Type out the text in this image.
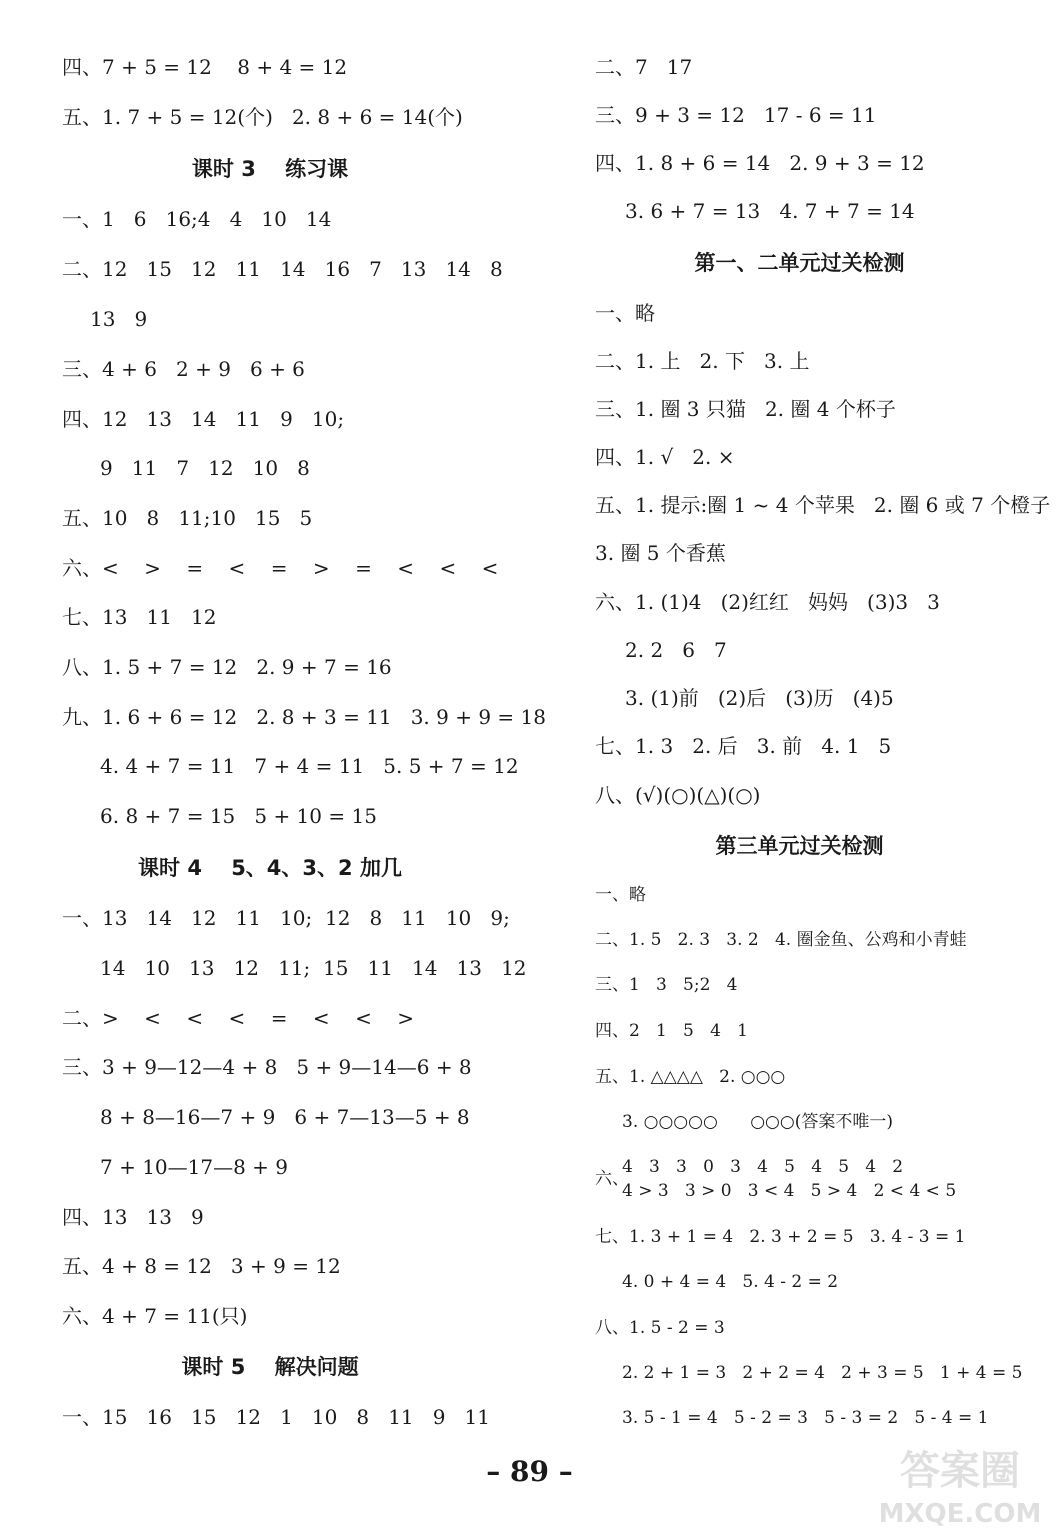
四、7 + 5 = 12    8 + 4 = 12
五、1. 7 + 5 = 12(个)   2. 8 + 6 = 14(个)
课时 3    练习课
一、1   6   16;4   4   10   14
二、12   15   12   11   14   16   7   13   14   8
13   9
三、4 + 6   2 + 9   6 + 6
四、12   13   14   11   9   10;
9   11   7   12   10   8
五、10   8   11;10   15   5
六、<    >    =    <    =    >    =    <    <    <
七、13   11   12
八、1. 5 + 7 = 12   2. 9 + 7 = 16
九、1. 6 + 6 = 12   2. 8 + 3 = 11   3. 9 + 9 = 18
4. 4 + 7 = 11   7 + 4 = 11   5. 5 + 7 = 12
6. 8 + 7 = 15   5 + 10 = 15
课时 4    5、4、3、2 加几
一、13   14   12   11   10;  12   8   11   10   9;
14   10   13   12   11;  15   11   14   13   12
二、>    <    <    <    =    <    <    >
三、3 + 9—12—4 + 8   5 + 9—14—6 + 8
8 + 8—16—7 + 9   6 + 7—13—5 + 8
7 + 10—17—8 + 9
四、13   13   9
五、4 + 8 = 12   3 + 9 = 12
六、4 + 7 = 11(只)
课时 5    解决问题
一、15   16   15   12   1   10   8   11   9   11
二、7   17
三、9 + 3 = 12   17 - 6 = 11
四、1. 8 + 6 = 14   2. 9 + 3 = 12
3. 6 + 7 = 13   4. 7 + 7 = 14
第一、二单元过关检测
一、略
二、1. 上   2. 下   3. 上
三、1. 圈 3 只猫   2. 圈 4 个杯子
四、1. √   2. ×
五、1. 提示:圈 1 ~ 4 个苹果   2. 圈 6 或 7 个橙子
3. 圈 5 个香蕉
六、1. (1)4   (2)红红   妈妈   (3)3   3
2. 2   6   7
3. (1)前   (2)后   (3)历   (4)5
七、1. 3   2. 后   3. 前   4. 1   5
八、(√)(○)(△)(○)
第三单元过关检测
一、略
二、1. 5   2. 3   3. 2   4. 圈金鱼、公鸡和小青蛙
三、1   3   5;2   4
四、2   1   5   4   1
五、1. △△△△   2. ○○○
3. ○○○○○      ○○○(答案不唯一)
六、
4   3   3   0   3   4   5   4   5   4   2
4 > 3   3 > 0   3 < 4   5 > 4   2 < 4 < 5
七、1. 3 + 1 = 4   2. 3 + 2 = 5   3. 4 - 3 = 1
4. 0 + 4 = 4   5. 4 - 2 = 2
八、1. 5 - 2 = 3
2. 2 + 1 = 3   2 + 2 = 4   2 + 3 = 5   1 + 4 = 5
3. 5 - 1 = 4   5 - 2 = 3   5 - 3 = 2   5 - 4 = 1
– 89 –	答案圈
MXQE.COM
